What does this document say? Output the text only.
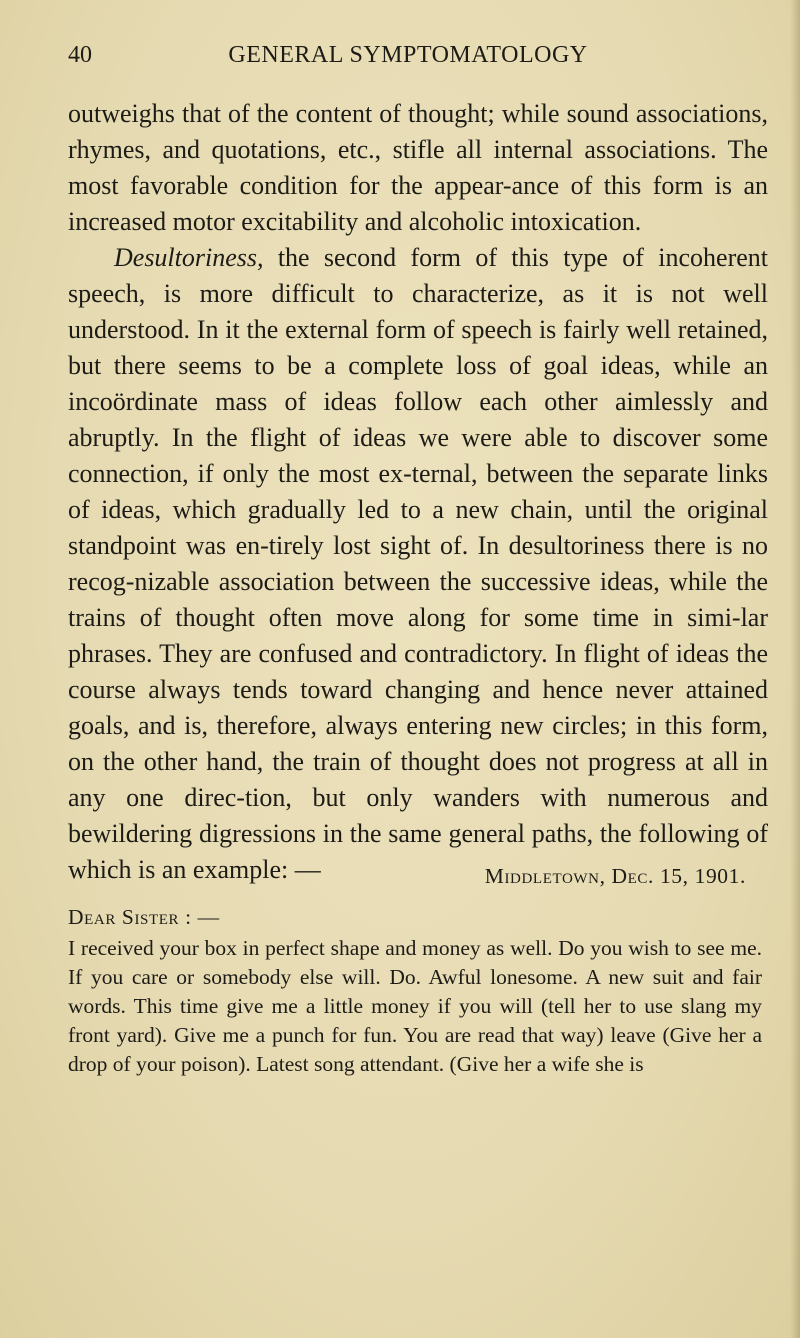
40	GENERAL SYMPTOMATOLOGY

outweighs that of the content of thought; while sound associations, rhymes, and quotations, etc., stifle all internal associations. The most favorable condition for the appear-ance of this form is an increased motor excitability and alcoholic intoxication.

Desultoriness, the second form of this type of incoherent speech, is more difficult to characterize, as it is not well understood. In it the external form of speech is fairly well retained, but there seems to be a complete loss of goal ideas, while an incoördinate mass of ideas follow each other aimlessly and abruptly. In the flight of ideas we were able to discover some connection, if only the most ex-ternal, between the separate links of ideas, which gradually led to a new chain, until the original standpoint was en-tirely lost sight of. In desultoriness there is no recog-nizable association between the successive ideas, while the trains of thought often move along for some time in simi-lar phrases. They are confused and contradictory. In flight of ideas the course always tends toward changing and hence never attained goals, and is, therefore, always entering new circles; in this form, on the other hand, the train of thought does not progress at all in any one direc-tion, but only wanders with numerous and bewildering digressions in the same general paths, the following of which is an example: —	Middletown, Dec. 15, 1901.
Dear Sister : —
I received your box in perfect shape and money as well. Do you wish to see me. If you care or somebody else will. Do. Awful lonesome. A new suit and fair words. This time give me a little money if you will (tell her to use slang my front yard). Give me a punch for fun. You are read that way) leave (Give her a drop of your poison). Latest song attendant. (Give her a wife she is
